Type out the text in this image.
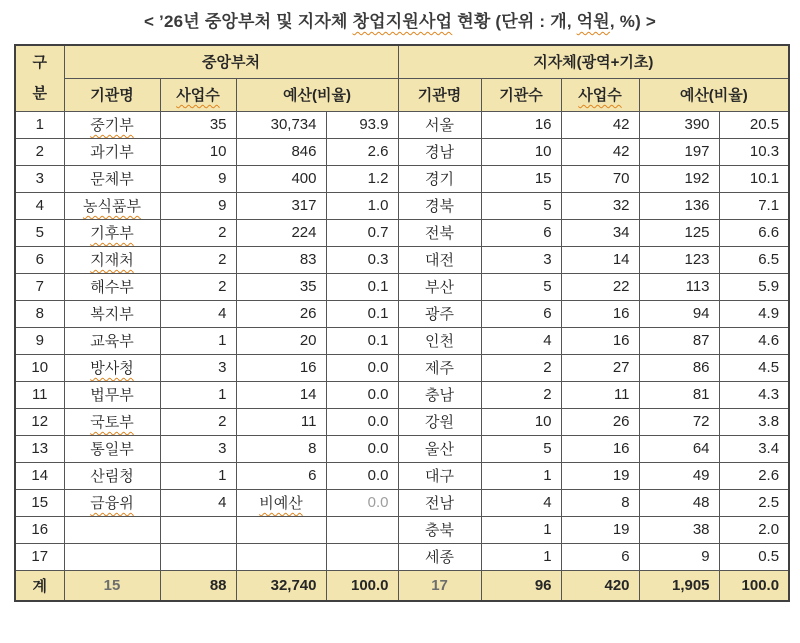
< ’26년 중앙부처 및 지자체 창업지원사업 현황 (단위 : 개, 억원, %) >
구
분	중앙부처				지자체(광역+기초)				
	기관명	사업수	예산(비율)		기관명	기관수	사업수	예산(비율)	
1	중기부	35	30,734	93.9	서울	16	42	390	20.5
2	과기부	10	846	2.6	경남	10	42	197	10.3
3	문체부	9	400	1.2	경기	15	70	192	10.1
4	농식품부	9	317	1.0	경북	5	32	136	7.1
5	기후부	2	224	0.7	전북	6	34	125	6.6
6	지재처	2	83	0.3	대전	3	14	123	6.5
7	해수부	2	35	0.1	부산	5	22	113	5.9
8	복지부	4	26	0.1	광주	6	16	94	4.9
9	교육부	1	20	0.1	인천	4	16	87	4.6
10	방사청	3	16	0.0	제주	2	27	86	4.5
11	법무부	1	14	0.0	충남	2	11	81	4.3
12	국토부	2	11	0.0	강원	10	26	72	3.8
13	통일부	3	8	0.0	울산	5	16	64	3.4
14	산림청	1	6	0.0	대구	1	19	49	2.6
15	금융위	4	비예산	0.0	전남	4	8	48	2.5
16					충북	1	19	38	2.0
17					세종	1	6	9	0.5
계	15	88	32,740	100.0	17	96	420	1,905	100.0
